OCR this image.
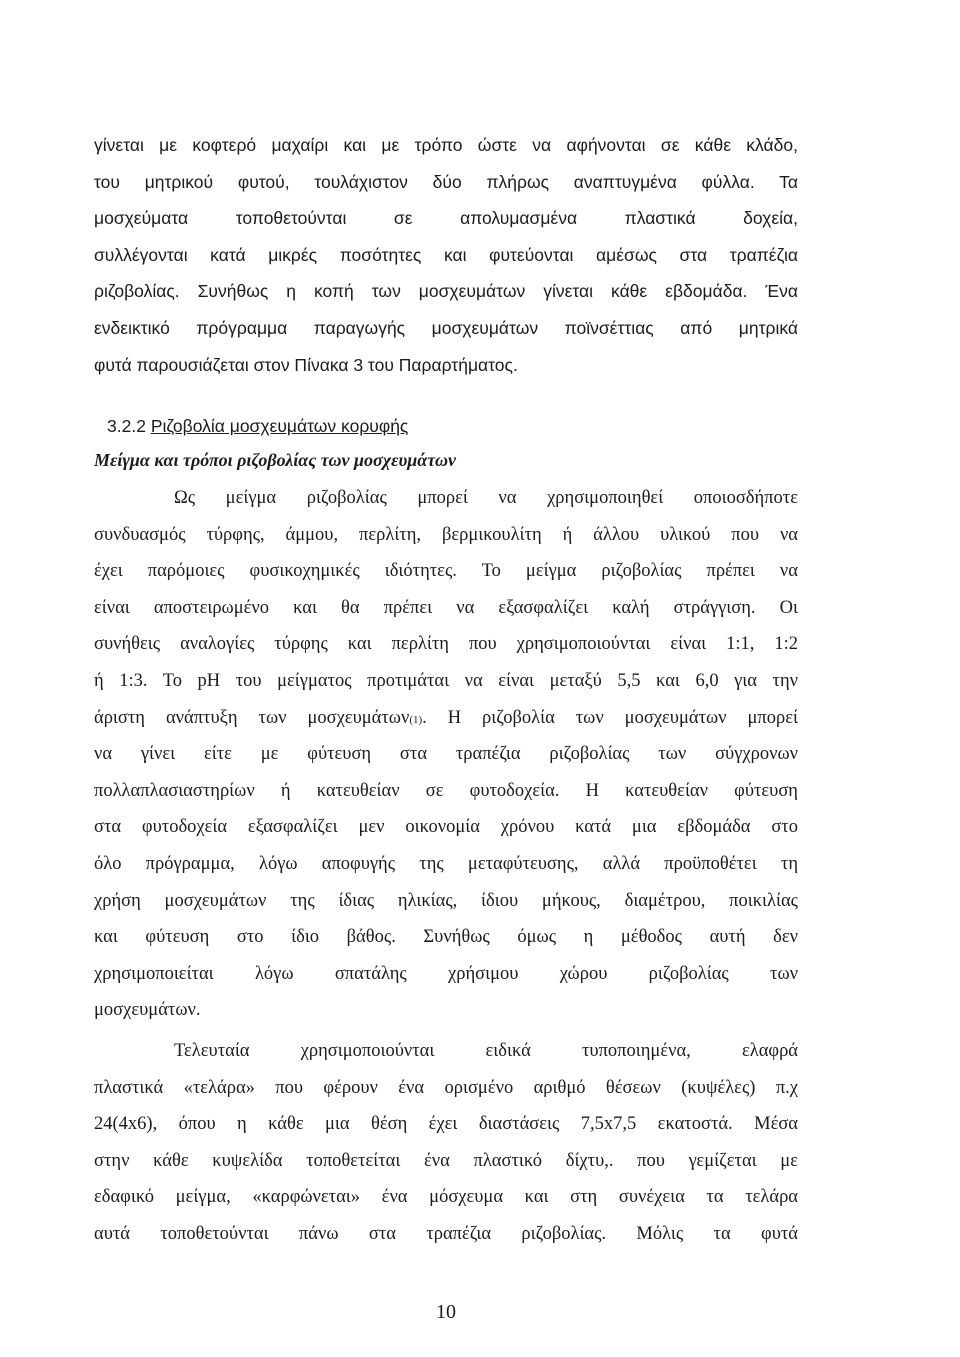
γίνεται με κοφτερό μαχαίρι και με τρόπο ώστε να αφήνονται σε κάθε κλάδο,
του μητρικού φυτού, τουλάχιστον δύο πλήρως αναπτυγμένα φύλλα. Τα
μοσχεύματα τοποθετούνται σε απολυμασμένα πλαστικά δοχεία,
συλλέγονται κατά μικρές ποσότητες και φυτεύονται αμέσως στα τραπέζια
ριζοβολίας. Συνήθως η κοπή των μοσχευμάτων γίνεται κάθε εβδομάδα. Ένα
ενδεικτικό πρόγραμμα παραγωγής μοσχευμάτων ποϊνσέττιας από μητρικά
φυτά παρουσιάζεται στον Πίνακα 3 του Παραρτήματος.
3.2.2 Ριζοβολία μοσχευμάτων κορυφής
Μείγμα και τρόποι ριζοβολίας των μοσχευμάτων
Ως μείγμα ριζοβολίας μπορεί να χρησιμοποιηθεί οποιοσδήποτε
συνδυασμός τύρφης, άμμου, περλίτη, βερμικουλίτη ή άλλου υλικού που να
έχει παρόμοιες φυσικοχημικές ιδιότητες. Το μείγμα ριζοβολίας πρέπει να
είναι αποστειρωμένο και θα πρέπει να εξασφαλίζει καλή στράγγιση. Οι
συνήθεις αναλογίες τύρφης και περλίτη που χρησιμοποιούνται είναι 1:1, 1:2
ή 1:3. Το pH του μείγματος προτιμάται να είναι μεταξύ 5,5 και 6,0 για την
άριστη ανάπτυξη των μοσχευμάτων(1). Η ριζοβολία των μοσχευμάτων μπορεί
να γίνει είτε με φύτευση στα τραπέζια ριζοβολίας των σύγχρονων
πολλαπλασιαστηρίων ή κατευθείαν σε φυτοδοχεία. Η κατευθείαν φύτευση
στα φυτοδοχεία εξασφαλίζει μεν οικονομία χρόνου κατά μια εβδομάδα στο
όλο πρόγραμμα, λόγω αποφυγής της μεταφύτευσης, αλλά προϋποθέτει τη
χρήση μοσχευμάτων της ίδιας ηλικίας, ίδιου μήκους, διαμέτρου, ποικιλίας
και φύτευση στο ίδιο βάθος. Συνήθως όμως η μέθοδος αυτή δεν
χρησιμοποιείται λόγω σπατάλης χρήσιμου χώρου ριζοβολίας των
μοσχευμάτων.
Τελευταία χρησιμοποιούνται ειδικά τυποποιημένα, ελαφρά
πλαστικά «τελάρα» που φέρουν ένα ορισμένο αριθμό θέσεων (κυψέλες) π.χ
24(4x6), όπου η κάθε μια θέση έχει διαστάσεις 7,5x7,5 εκατοστά. Μέσα
στην κάθε κυψελίδα τοποθετείται ένα πλαστικό δίχτυ,. που γεμίζεται με
εδαφικό μείγμα, «καρφώνεται» ένα μόσχευμα και στη συνέχεια τα τελάρα
αυτά τοποθετούνται πάνω στα τραπέζια ριζοβολίας. Μόλις τα φυτά
10
